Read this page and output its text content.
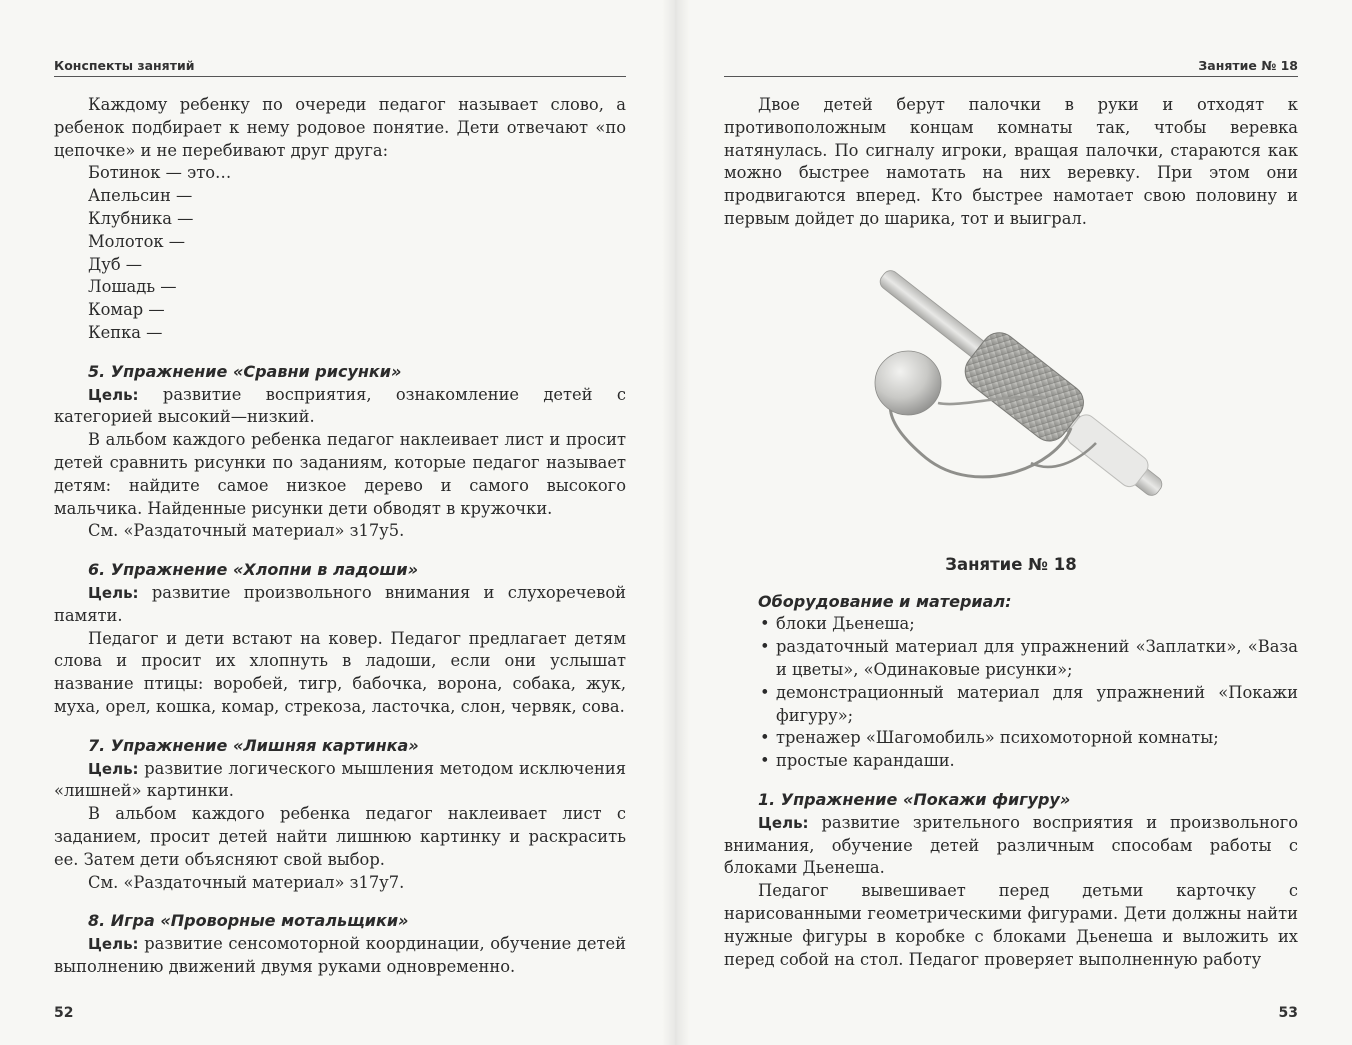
Конспекты занятий

Каждому ребенку по очереди педагог называет слово, а ребенок подбирает к нему родовое понятие. Дети отвечают «по цепочке» и не перебивают друг друга:

Ботинок — это…

Апельсин —

Клубника —

Молоток —

Дуб —

Лошадь —

Комар —

Кепка —

5. Упражнение «Сравни рисунки»

Цель: развитие восприятия, ознакомление детей с категорией высокий—низкий.

В альбом каждого ребенка педагог наклеивает лист и просит детей сравнить рисунки по заданиям, которые педагог называет детям: найдите самое низкое дерево и самого высокого мальчика. Найденные рисунки дети обводят в кружочки.

См. «Раздаточный материал» з17у5.

6. Упражнение «Хлопни в ладоши»

Цель: развитие произвольного внимания и слухоречевой памяти.

Педагог и дети встают на ковер. Педагог предлагает детям слова и просит их хлопнуть в ладоши, если они услышат название птицы: воробей, тигр, бабочка, ворона, собака, жук, муха, орел, кошка, комар, стрекоза, ласточка, слон, червяк, сова.

7. Упражнение «Лишняя картинка»

Цель: развитие логического мышления методом исключения «лишней» картинки.

В альбом каждого ребенка педагог наклеивает лист с заданием, просит детей найти лишнюю картинку и раскрасить ее. Затем дети объясняют свой выбор.

См. «Раздаточный материал» з17у7.

8. Игра «Проворные мотальщики»

Цель: развитие сенсомоторной координации, обучение детей выполнению движений двумя руками одновременно.

52
Занятие № 18

Двое детей берут палочки в руки и отходят к противоположным концам комнаты так, чтобы веревка натянулась. По сигналу игроки, вращая палочки, стараются как можно быстрее намотать на них веревку. При этом они продвигаются вперед. Кто быстрее намотает свою половину и первым дойдет до шарика, тот и выиграл.

Занятие № 18

Оборудование и материал:
• блоки Дьенеша;
• раздаточный материал для упражнений «Заплатки», «Ваза и цветы», «Одинаковые рисунки»;
• демонстрационный материал для упражнений «Покажи фигуру»;
• тренажер «Шагомобиль» психомоторной комнаты;
• простые карандаши.
1. Упражнение «Покажи фигуру»

Цель: развитие зрительного восприятия и произвольного внимания, обучение детей различным способам работы с блоками Дьенеша.

Педагог вывешивает перед детьми карточку с нарисованными геометрическими фигурами. Дети должны найти нужные фигуры в коробке с блоками Дьенеша и выложить их перед собой на стол. Педагог проверяет выполненную работу

53
